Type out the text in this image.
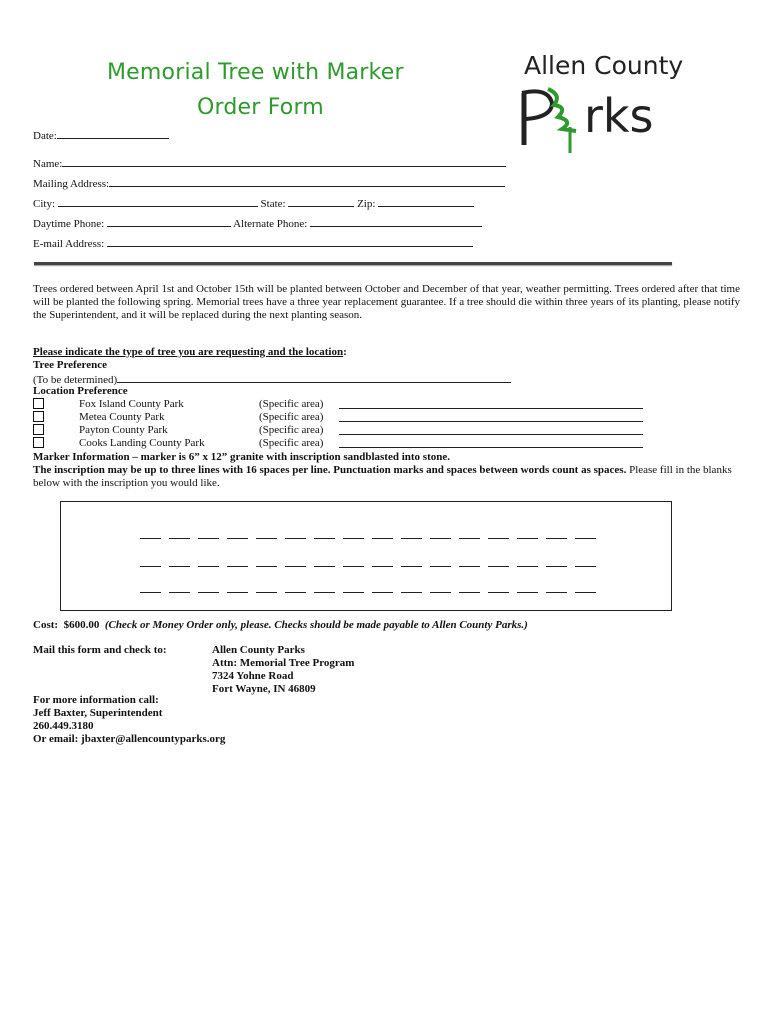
Memorial Tree with Marker
Order Form
Allen County
rks
Date:
Name:
Mailing Address:
City:	State:	Zip:
Daytime Phone:	Alternate Phone:
E-mail Address:
Trees ordered between April 1st and October 15th will be planted between October and December of that year, weather permitting. Trees ordered after that time will be planted the following spring. Memorial trees have a three year replacement guarantee. If a tree should die within three years of its planting, please notify the Superintendent, and it will be replaced during the next planting season.
Please indicate the type of tree you are requesting and the location:
Tree Preference
(To be determined)
Location Preference
Fox Island County Park	(Specific area)
Metea County Park	(Specific area)
Payton County Park	(Specific area)
Cooks Landing County Park	(Specific area)
Marker Information – marker is 6” x 12” granite with inscription sandblasted into stone.
The inscription may be up to three lines with 16 spaces per line. Punctuation marks and spaces between words count as spaces. Please fill in the blanks below with the inscription you would like.
Cost: $600.00 (Check or Money Order only, please. Checks should be made payable to Allen County Parks.)
Mail this form and check to:	Allen County Parks
Attn: Memorial Tree Program
7324 Yohne Road
Fort Wayne, IN 46809
For more information call:
Jeff Baxter, Superintendent
260.449.3180
Or email: jbaxter@allencountyparks.org
